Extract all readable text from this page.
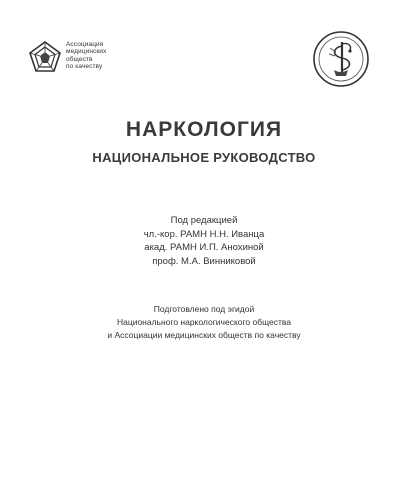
Ассоциация
медицинских
обществ
по качеству
НАРКОЛОГИЯ
НАЦИОНАЛЬНОЕ РУКОВОДСТВО
Под редакцией
чл.-кор. РАМН Н.Н. Иванца
акад. РАМН И.П. Анохиной
проф. М.А. Винниковой
Подготовлено под эгидой
Национального наркологического общества
и Ассоциации медицинских обществ по качеству
